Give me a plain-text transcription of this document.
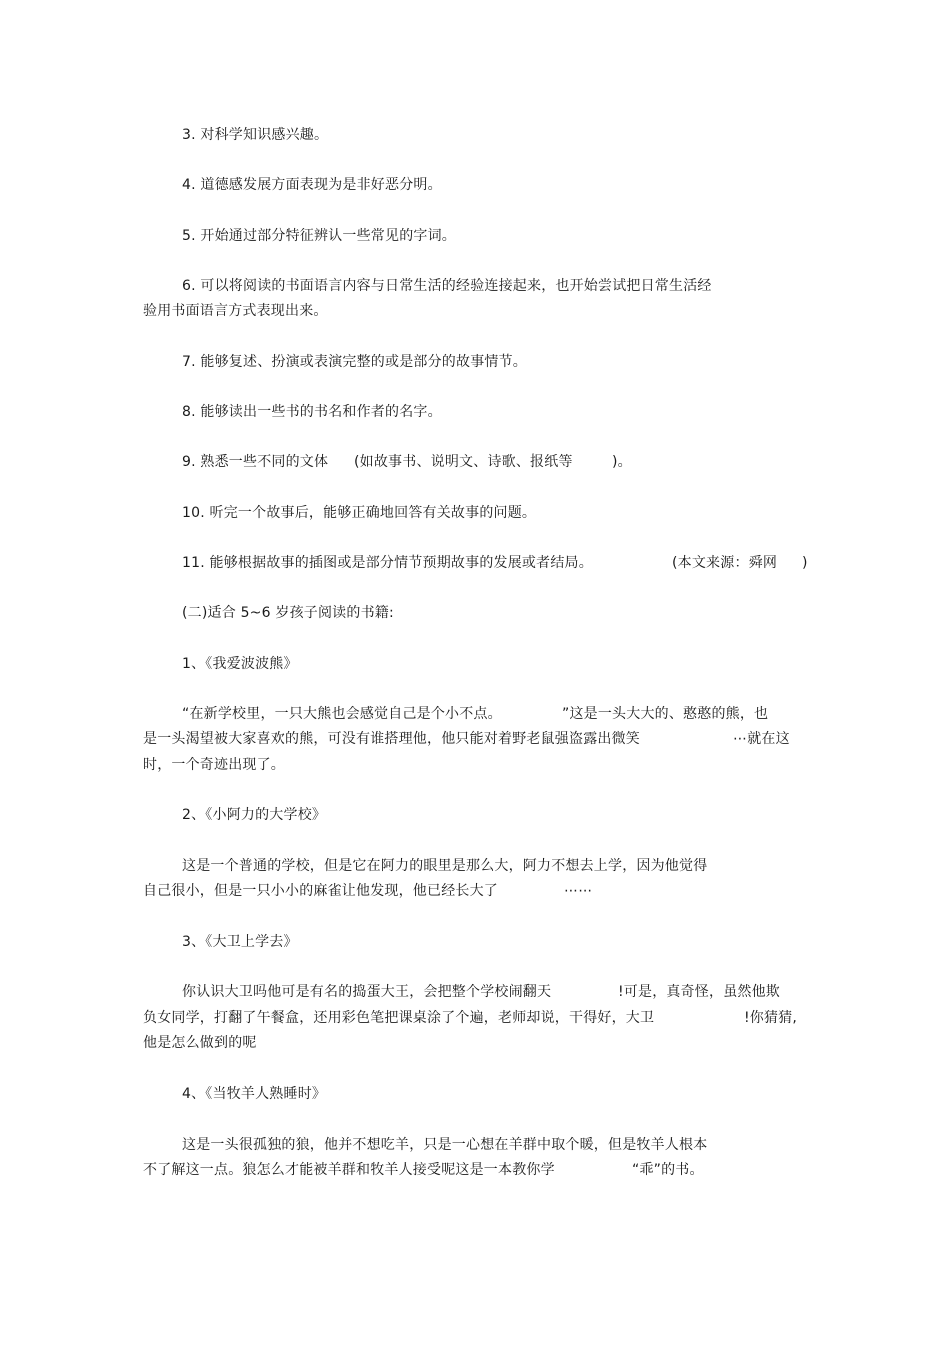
3. 对科学知识感兴趣。
4. 道德感发展方面表现为是非好恶分明。
5. 开始通过部分特征辨认一些常见的字词。
6. 可以将阅读的书面语言内容与日常生活的经验连接起来，也开始尝试把日常生活经
验用书面语言方式表现出来。
7. 能够复述、扮演或表演完整的或是部分的故事情节。
8. 能够读出一些书的书名和作者的名字。
9. 熟悉一些不同的文体 (如故事书、说明文、诗歌、报纸等	)。
10. 听完一个故事后，能够正确地回答有关故事的问题。
11. 能够根据故事的插图或是部分情节预期故事的发展或者结局。	(本文来源：舜网 )
(二)适合 5~6 岁孩子阅读的书籍:
1、《我爱波波熊》
“在新学校里，一只大熊也会感觉自己是个小不点。	”这是一头大大的、憨憨的熊，也
是一头渴望被大家喜欢的熊，可没有谁搭理他，他只能对着野老鼠强盗露出微笑	⋯就在这
时，一个奇迹出现了。
2、《小阿力的大学校》
这是一个普通的学校，但是它在阿力的眼里是那么大，阿力不想去上学，因为他觉得
自己很小，但是一只小小的麻雀让他发现，他已经长大了	⋯⋯
3、《大卫上学去》
你认识大卫吗他可是有名的捣蛋大王，会把整个学校闹翻天	!可是，真奇怪，虽然他欺
负女同学，打翻了午餐盒，还用彩色笔把课桌涂了个遍，老师却说，干得好，大卫	!你猜猜,
他是怎么做到的呢
4、《当牧羊人熟睡时》
这是一头很孤独的狼，他并不想吃羊，只是一心想在羊群中取个暖，但是牧羊人根本
不了解这一点。狼怎么才能被羊群和牧羊人接受呢这是一本教你学	“乖”的书。
